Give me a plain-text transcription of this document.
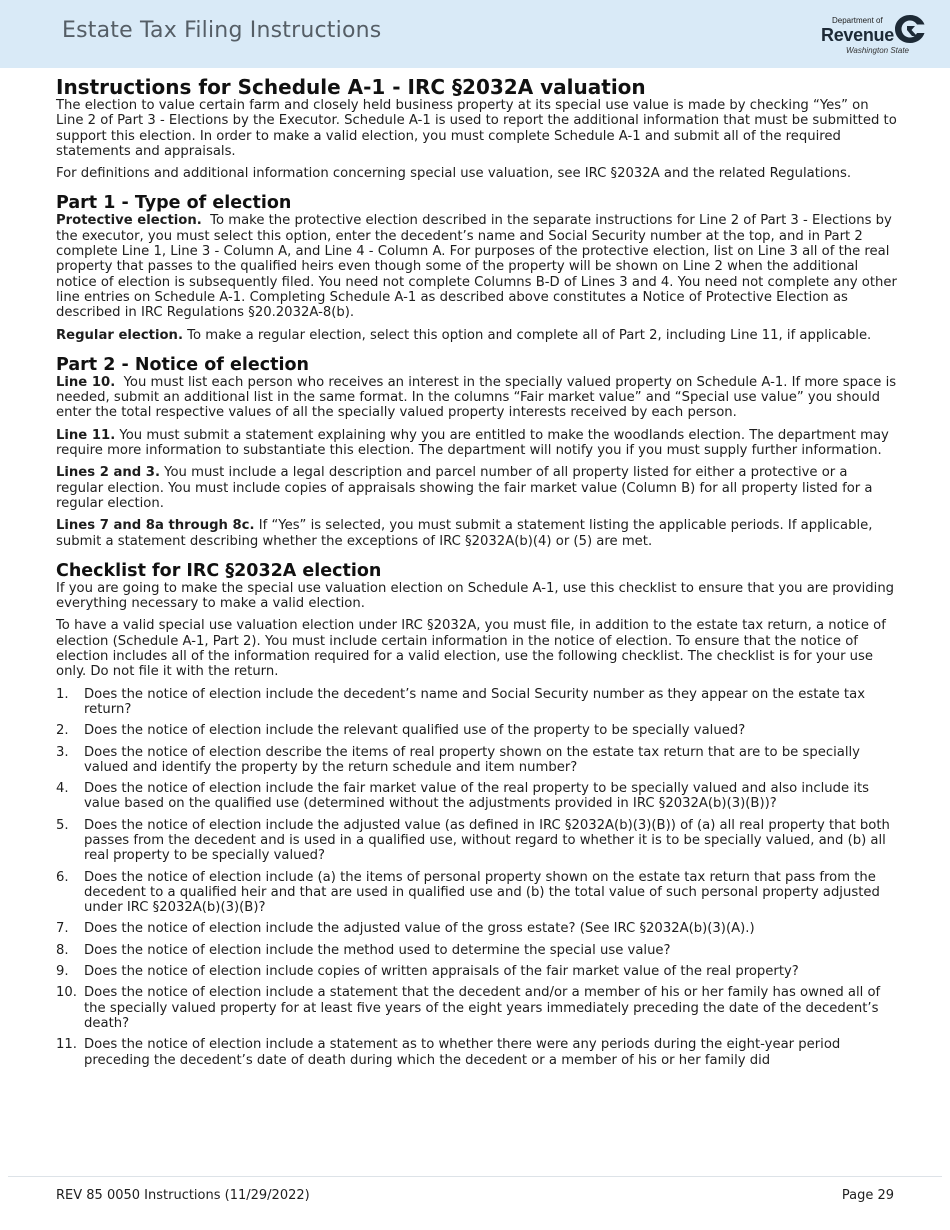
Estate Tax Filing Instructions	Department of
Revenue
Washington State
Instructions for Schedule A-1 - IRC §2032A valuation

The election to value certain farm and closely held business property at its special use value is made by checking “Yes” on Line 2 of Part 3 - Elections by the Executor. Schedule A-1 is used to report the additional information that must be submitted to support this election. In order to make a valid election, you must complete Schedule A-1 and submit all of the required statements and appraisals.

For definitions and additional information concerning special use valuation, see IRC §2032A and the related Regulations.

Part 1 - Type of election

Protective election. To make the protective election described in the separate instructions for Line 2 of Part 3 - Elections by the executor, you must select this option, enter the decedent’s name and Social Security number at the top, and in Part 2 complete Line 1, Line 3 - Column A, and Line 4 - Column A. For purposes of the protective election, list on Line 3 all of the real property that passes to the qualified heirs even though some of the property will be shown on Line 2 when the additional notice of election is subsequently filed. You need not complete Columns B-D of Lines 3 and 4. You need not complete any other line entries on Schedule A-1. Completing Schedule A-1 as described above constitutes a Notice of Protective Election as described in IRC Regulations §20.2032A-8(b).

Regular election. To make a regular election, select this option and complete all of Part 2, including Line 11, if applicable.

Part 2 - Notice of election

Line 10. You must list each person who receives an interest in the specially valued property on Schedule A-1. If more space is needed, submit an additional list in the same format. In the columns “Fair market value” and “Special use value” you should enter the total respective values of all the specially valued property interests received by each person.

Line 11. You must submit a statement explaining why you are entitled to make the woodlands election. The department may require more information to substantiate this election. The department will notify you if you must supply further information.

Lines 2 and 3. You must include a legal description and parcel number of all property listed for either a protective or a regular election. You must include copies of appraisals showing the fair market value (Column B) for all property listed for a regular election.

Lines 7 and 8a through 8c. If “Yes” is selected, you must submit a statement listing the applicable periods. If applicable, submit a statement describing whether the exceptions of IRC §2032A(b)(4) or (5) are met.

Checklist for IRC §2032A election

If you are going to make the special use valuation election on Schedule A-1, use this checklist to ensure that you are providing everything necessary to make a valid election.

To have a valid special use valuation election under IRC §2032A, you must file, in addition to the estate tax return, a notice of election (Schedule A-1, Part 2). You must include certain information in the notice of election. To ensure that the notice of election includes all of the information required for a valid election, use the following checklist. The checklist is for your use only. Do not file it with the return.

1. Does the notice of election include the decedent’s name and Social Security number as they appear on the estate tax return?
2. Does the notice of election include the relevant qualified use of the property to be specially valued?
3. Does the notice of election describe the items of real property shown on the estate tax return that are to be specially valued and identify the property by the return schedule and item number?
4. Does the notice of election include the fair market value of the real property to be specially valued and also include its value based on the qualified use (determined without the adjustments provided in IRC §2032A(b)(3)(B))?
5. Does the notice of election include the adjusted value (as defined in IRC §2032A(b)(3)(B)) of (a) all real property that both passes from the decedent and is used in a qualified use, without regard to whether it is to be specially valued, and (b) all real property to be specially valued?
6. Does the notice of election include (a) the items of personal property shown on the estate tax return that pass from the decedent to a qualified heir and that are used in qualified use and (b) the total value of such personal property adjusted under IRC §2032A(b)(3)(B)?
7. Does the notice of election include the adjusted value of the gross estate? (See IRC §2032A(b)(3)(A).)
8. Does the notice of election include the method used to determine the special use value?
9. Does the notice of election include copies of written appraisals of the fair market value of the real property?
10. Does the notice of election include a statement that the decedent and/or a member of his or her family has owned all of the specially valued property for at least five years of the eight years immediately preceding the date of the decedent’s death?
11. Does the notice of election include a statement as to whether there were any periods during the eight-year period preceding the decedent’s date of death during which the decedent or a member of his or her family did
REV 85 0050 Instructions (11/29/2022)	Page 29
